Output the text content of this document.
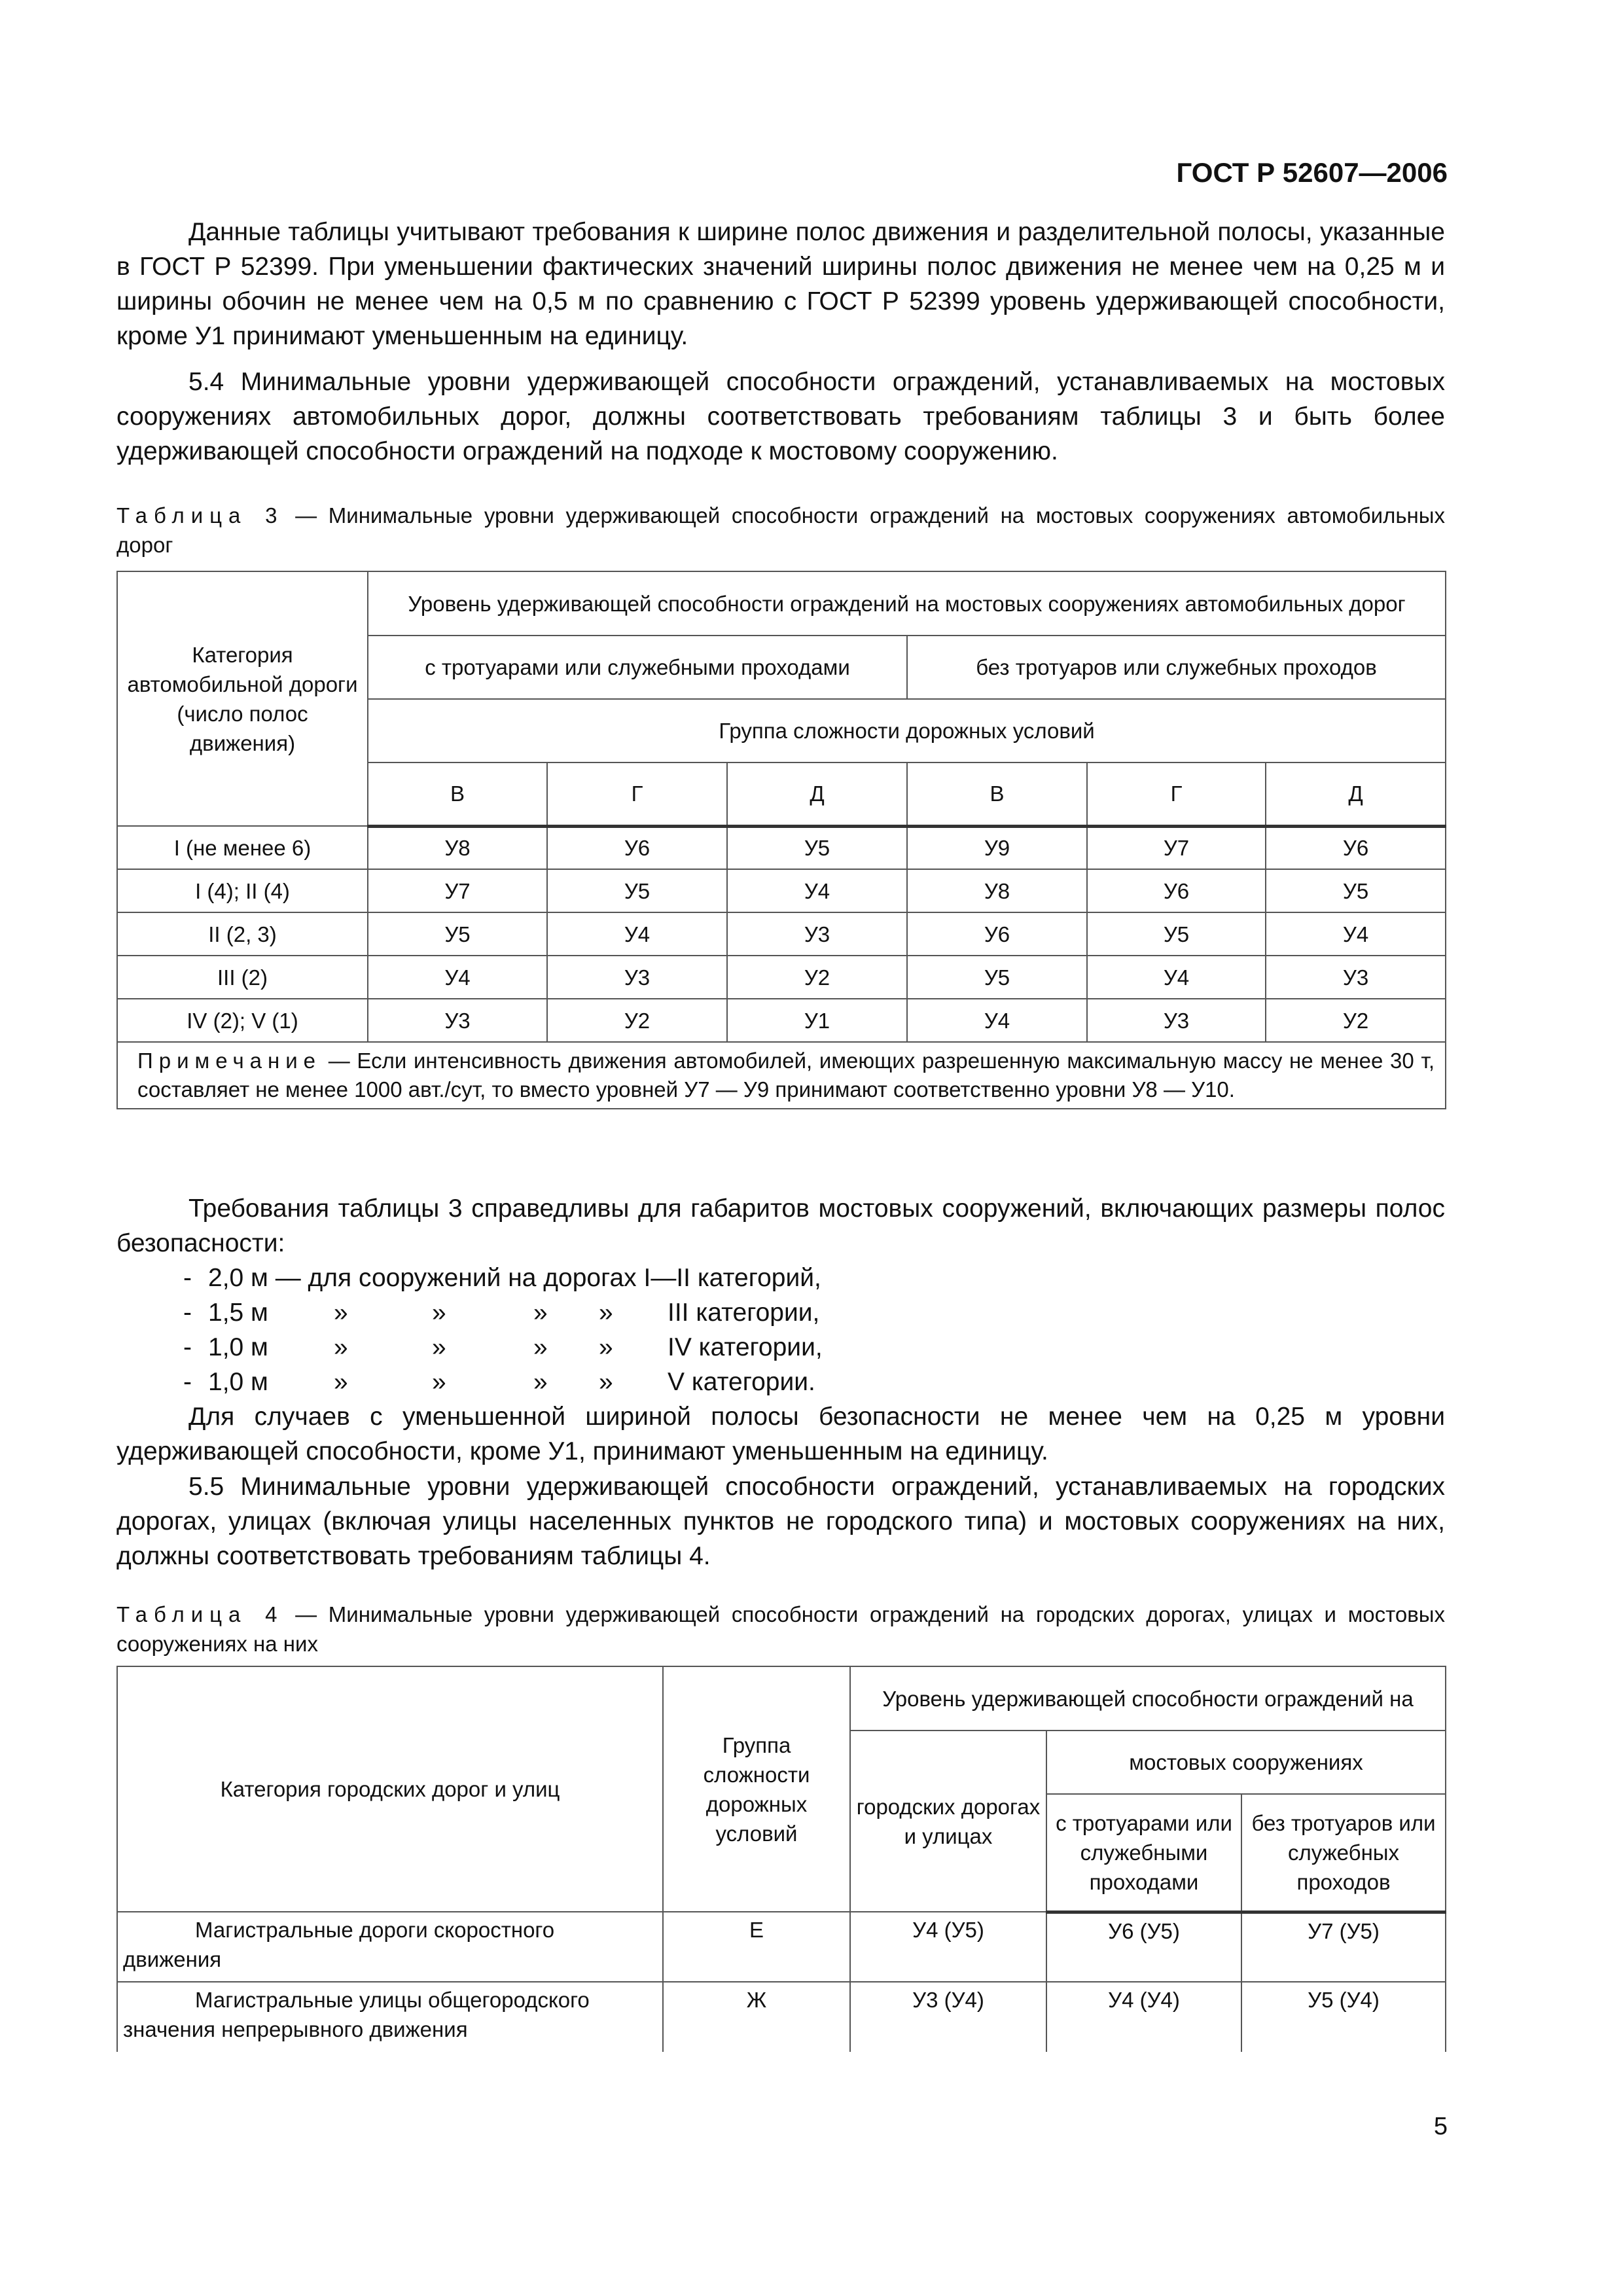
ГОСТ Р 52607—2006
Данные таблицы учитывают требования к ширине полос движения и разделительной полосы, указанные в ГОСТ Р 52399. При уменьшении фактических значений ширины полос движения не менее чем на 0,25 м и ширины обочин не менее чем на 0,5 м по сравнению с ГОСТ Р 52399 уровень удерживающей способности, кроме У1 принимают уменьшенным на единицу.
5.4 Минимальные уровни удерживающей способности ограждений, устанавливаемых на мостовых сооружениях автомобильных дорог, должны соответствовать требованиям таблицы 3 и быть более удерживающей способности ограждений на подходе к мостовому сооружению.
Таблица 3 — Минимальные уровни удерживающей способности ограждений на мостовых сооружениях автомобильных дорог
Категория автомобильной дороги (число полос движения)	Уровень удерживающей способности ограждений на мостовых сооружениях автомобильных дорог					
	с тротуарами или служебными проходами			без тротуаров или служебных проходов		
	Группа сложности дорожных условий					
	В	Г	Д	В	Г	Д
I (не менее 6)	У8	У6	У5	У9	У7	У6
I (4); II (4)	У7	У5	У4	У8	У6	У5
II (2, 3)	У5	У4	У3	У6	У5	У4
III (2)	У4	У3	У2	У5	У4	У3
IV (2); V (1)	У3	У2	У1	У4	У3	У2
Примечание — Если интенсивность движения автомобилей, имеющих разрешенную максимальную массу не менее 30 т, составляет не менее 1000 авт./сут, то вместо уровней У7 — У9 принимают соответственно уровни У8 — У10.						
Требования таблицы 3 справедливы для габаритов мостовых сооружений, включающих размеры полос безопасности:

-

2,0 м — для сооружений на дорогах I—II категорий,

-

1,5 м

	»

	»

	»

»

III категории,

-

1,0 м

	»

	»

	»

»

IV категории,

-

1,0 м

	»

	»

	»

»

V категории.

Для случаев с уменьшенной шириной полосы безопасности не менее чем на 0,25 м уровни удерживающей способности, кроме У1, принимают уменьшенным на единицу.
5.5 Минимальные уровни удерживающей способности ограждений, устанавливаемых на городских дорогах, улицах (включая улицы населенных пунктов не городского типа) и мостовых сооружениях на них, должны соответствовать требованиям таблицы 4.
Таблица 4 — Минимальные уровни удерживающей способности ограждений на городских дорогах, улицах и мостовых сооружениях на них
Категория городских дорог и улиц	Группа сложности дорожных условий	Уровень удерживающей способности ограждений на		
		городских дорогах и улицах	мостовых сооружениях	
			с тротуарами или служебными проходами	без тротуаров или служебных проходов
Магистральные дороги скоростного движения	Е	У4 (У5)	У6 (У5)	У7 (У5)
Магистральные улицы общегородского значения непрерывного движения	Ж	У3 (У4)	У4 (У4)	У5 (У4)
5
